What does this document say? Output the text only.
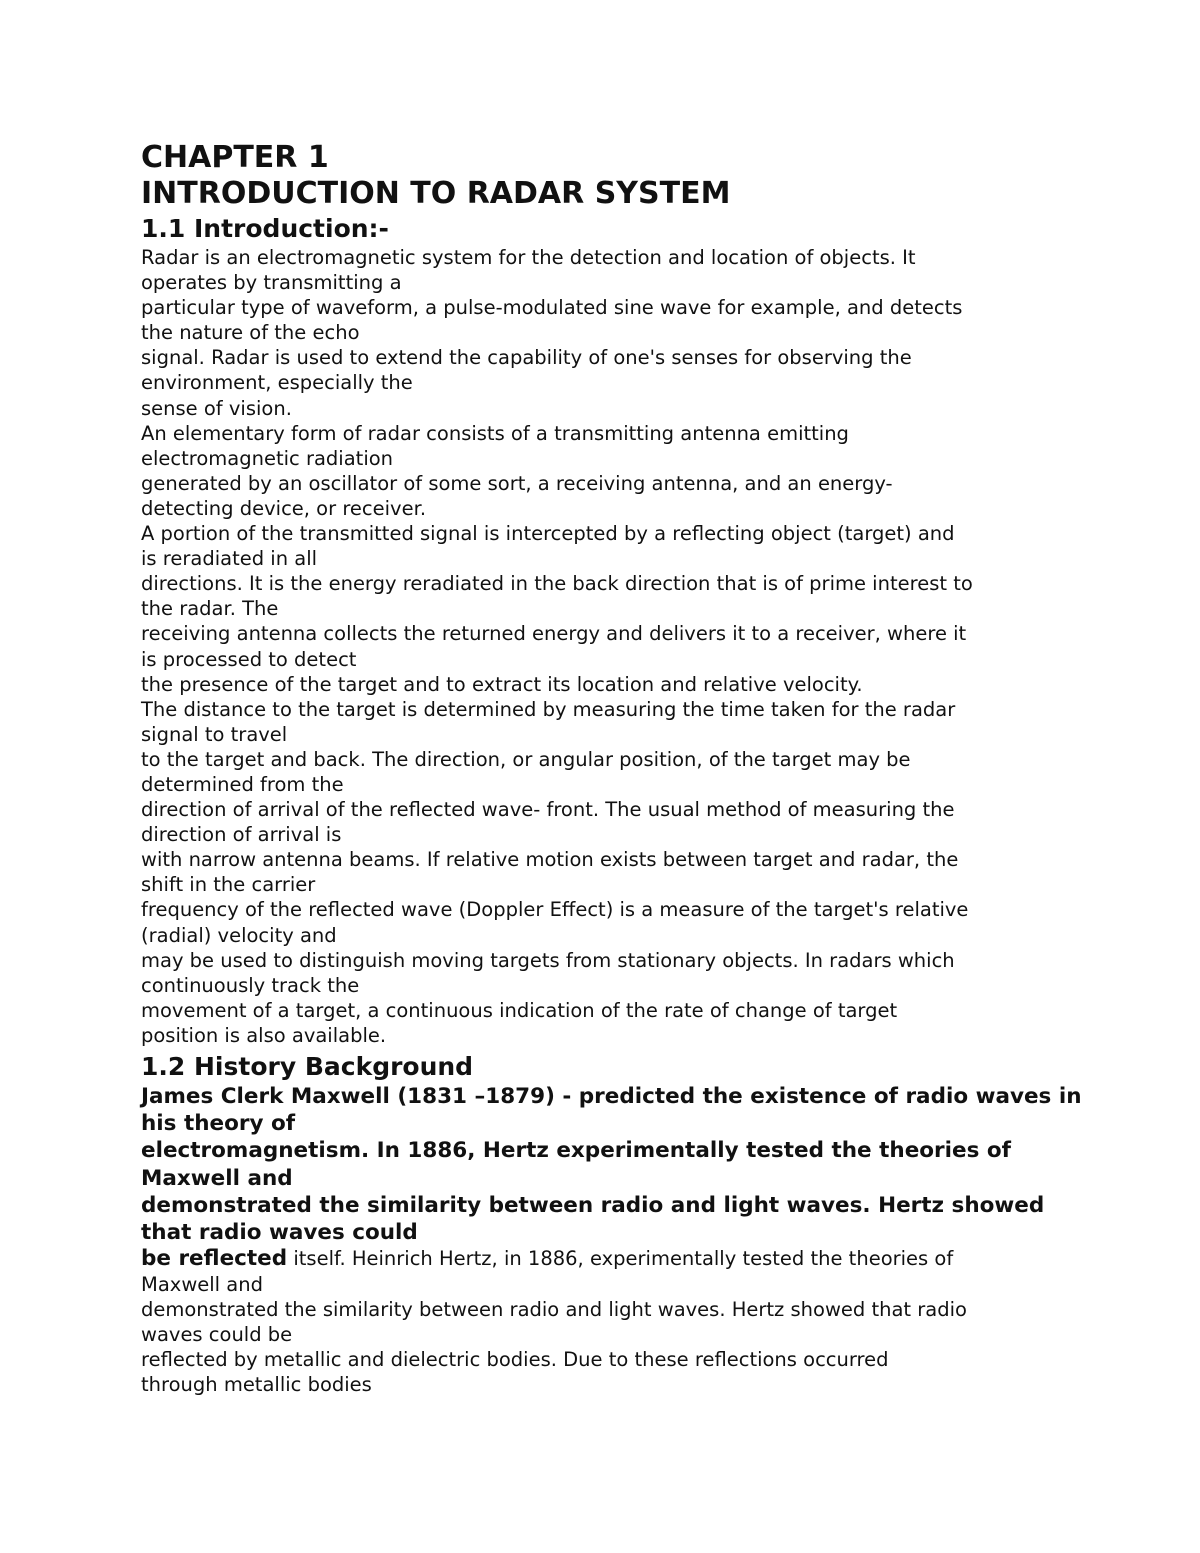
CHAPTER 1
INTRODUCTION TO RADAR SYSTEM
1.1 Introduction:-
Radar is an electromagnetic system for the detection and location of objects. It
operates by transmitting a
particular type of waveform, a pulse-modulated sine wave for example, and detects
the nature of the echo
signal. Radar is used to extend the capability of one's senses for observing the
environment, especially the
sense of vision.
An elementary form of radar consists of a transmitting antenna emitting
electromagnetic radiation
generated by an oscillator of some sort, a receiving antenna, and an energy-
detecting device, or receiver.
A portion of the transmitted signal is intercepted by a reflecting object (target) and
is reradiated in all
directions. It is the energy reradiated in the back direction that is of prime interest to
the radar. The
receiving antenna collects the returned energy and delivers it to a receiver, where it
is processed to detect
the presence of the target and to extract its location and relative velocity.
The distance to the target is determined by measuring the time taken for the radar
signal to travel
to the target and back. The direction, or angular position, of the target may be
determined from the
direction of arrival of the reflected wave- front. The usual method of measuring the
direction of arrival is
with narrow antenna beams. If relative motion exists between target and radar, the
shift in the carrier
frequency of the reflected wave (Doppler Effect) is a measure of the target's relative
(radial) velocity and
may be used to distinguish moving targets from stationary objects. In radars which
continuously track the
movement of a target, a continuous indication of the rate of change of target
position is also available.
1.2 History Background
James Clerk Maxwell (1831 –1879) - predicted the existence of radio waves in
his theory of
electromagnetism. In 1886, Hertz experimentally tested the theories of
Maxwell and
demonstrated the similarity between radio and light waves. Hertz showed
that radio waves could
be reflected itself. Heinrich Hertz, in 1886, experimentally tested the theories of
Maxwell and
demonstrated the similarity between radio and light waves. Hertz showed that radio
waves could be
reflected by metallic and dielectric bodies. Due to these reflections occurred
through metallic bodies
